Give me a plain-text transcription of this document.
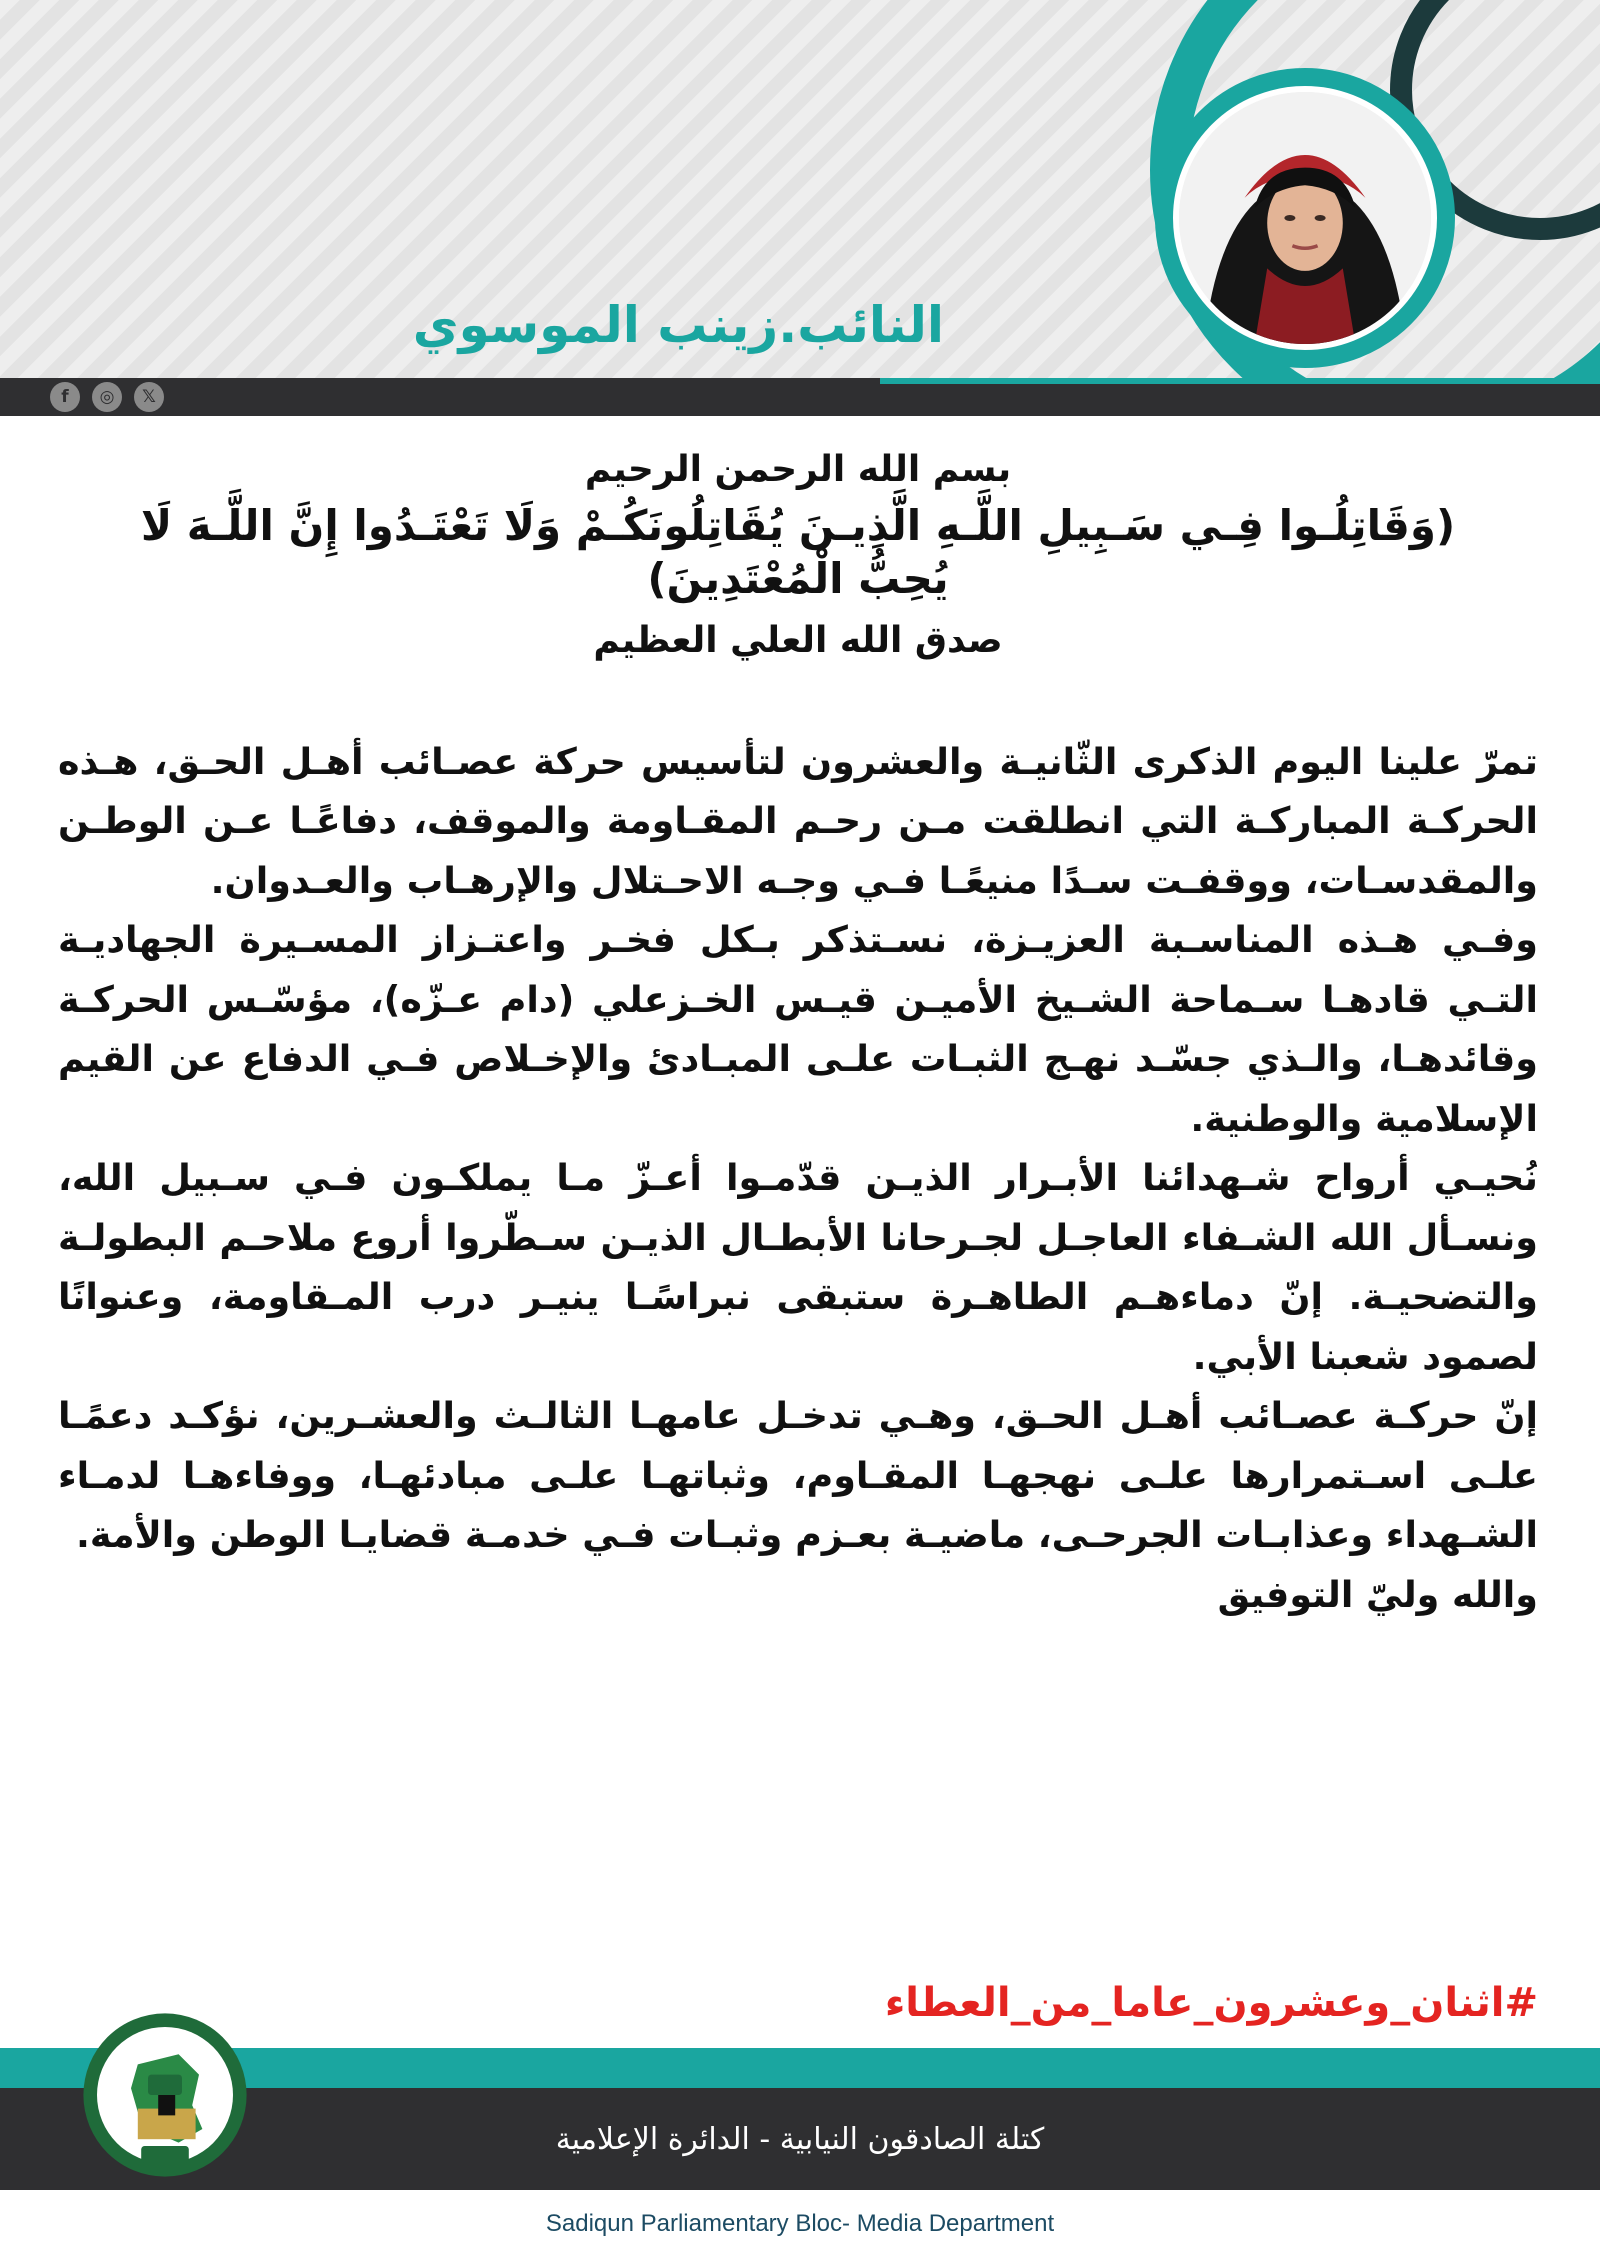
النائب.زينب الموسوي
f	◎	𝕏
بسم الله الرحمن الرحيم
(وَقَاتِلُـوا فِـي سَـبِيلِ اللَّـهِ الَّذِيـنَ يُقَاتِلُونَكُـمْ وَلَا تَعْتَـدُوا إِنَّ اللَّـهَ لَا يُحِبُّ الْمُعْتَدِينَ)
صدق الله العلي العظيم

تمرّ علينا اليوم الذكرى الثّانيـة والعشرون لتأسيس حركة عصـائب أهـل الحـق، هـذه الحركـة المباركـة التي انطلقت مـن رحـم المقـاومة والموقف، دفاعًـا عـن الوطـن والمقدسـات، ووقفـت سـدًا منيعًـا فـي وجـه الاحـتلال والإرهـاب والعـدوان.

وفـي هـذه المناسـبة العزيـزة، نسـتذكر بـكل فخـر واعتـزاز المسـيرة الجهاديـة التـي قادهـا سـماحة الشـيخ الأميـن قيـس الخـزعلي (دام عـزّه)، مؤسّـس الحركـة وقائدهـا، والـذي جسّـد نهـج الثبـات علـى المبـادئ والإخـلاص فـي الدفاع عن القيم الإسلامية والوطنية.

نُحيـي أرواح شـهدائنا الأبـرار الذيـن قدّمـوا أعـزّ مـا يملكـون فـي سـبيل الله، ونسـأل الله الشـفاء العاجـل لجـرحانا الأبطـال الذيـن سـطّروا أروع ملاحـم البطولـة والتضحيـة. إنّ دماءهـم الطاهـرة ستبقى نبراسًـا ينيـر درب المـقاومة، وعنوانًا لصمود شعبنا الأبي.

إنّ حركـة عصـائب أهـل الحـق، وهـي تدخـل عامهـا الثالـث والعشـرين، نؤكـد دعمًـا علـى اسـتمرارها علـى نهجهـا المقـاوم، وثباتهـا علـى مبادئهـا، ووفاءهـا لدمـاء الشـهداء وعذابـات الجرحـى، ماضيـة بعـزم وثبـات فـي خدمـة قضايـا الوطن والأمة.

والله وليّ التوفيق
#اثنان_وعشرون_عاما_من_العطاء
كتلة الصادقون النيابية - الدائرة الإعلامية
Sadiqun Parliamentary Bloc- Media Department
